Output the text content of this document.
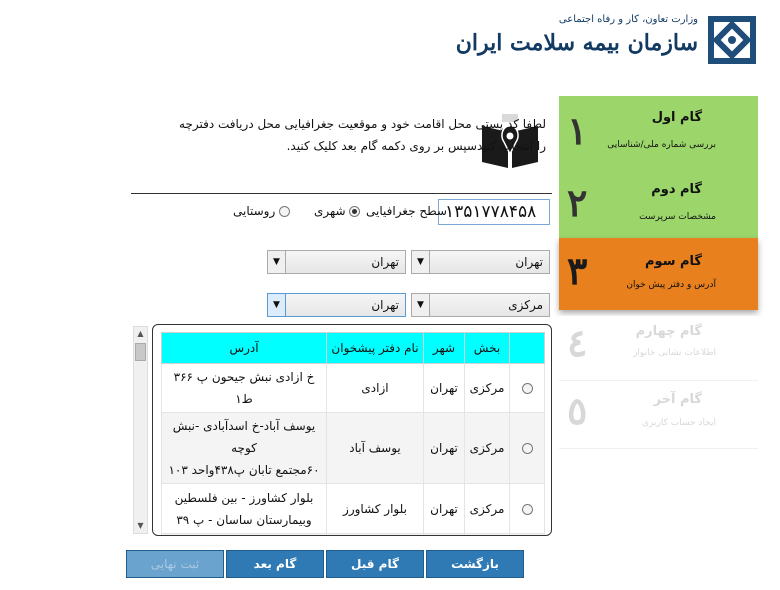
وزارت تعاون، کار و رفاه اجتماعی
سازمان بیمه سلامت ایران
١	گام اول
بررسی شماره ملی/شناسایی
٢	گام دوم
مشخصات سرپرست
٣	گام سوم
آدرس و دفتر پیش خوان
٤	گام چهارم
اطلاعات نشانی خانوار
٥	گام آخر
ایجاد حساب کاربری
لطفا کد پستی محل اقامت خود و موقعیت جغرافیایی محل دریافت دفترچه
را انتخاب کنیدسپس بر روی دکمه گام بعد کلیک کنید.
۱۳۵۱۷۷۸۴۵۸
سطح جغرافیایی
شهری
روستایی
تهران
▼
تهران
▼
مرکزی
▼
تهران
▼
	بخش	شهر	نام دفتر پیشخوان	آدرس
	مرکزی	تهران	ازادی	خ ازادی نبش جیحون پ ۳۶۶ ط۱

	مرکزی	تهران	یوسف آباد	یوسف آباد-خ اسدآبادی -نبش کوچه
۶۰مجتمع تابان پ۴۳۸واحد ۱۰۳

	مرکزی	تهران	بلوار کشاورز	بلوار کشاورز - بین فلسطین
وبیمارستان ساسان - پ ۳۹

▲
▼
بازگشت
گام قبل
گام بعد
ثبت نهایی
